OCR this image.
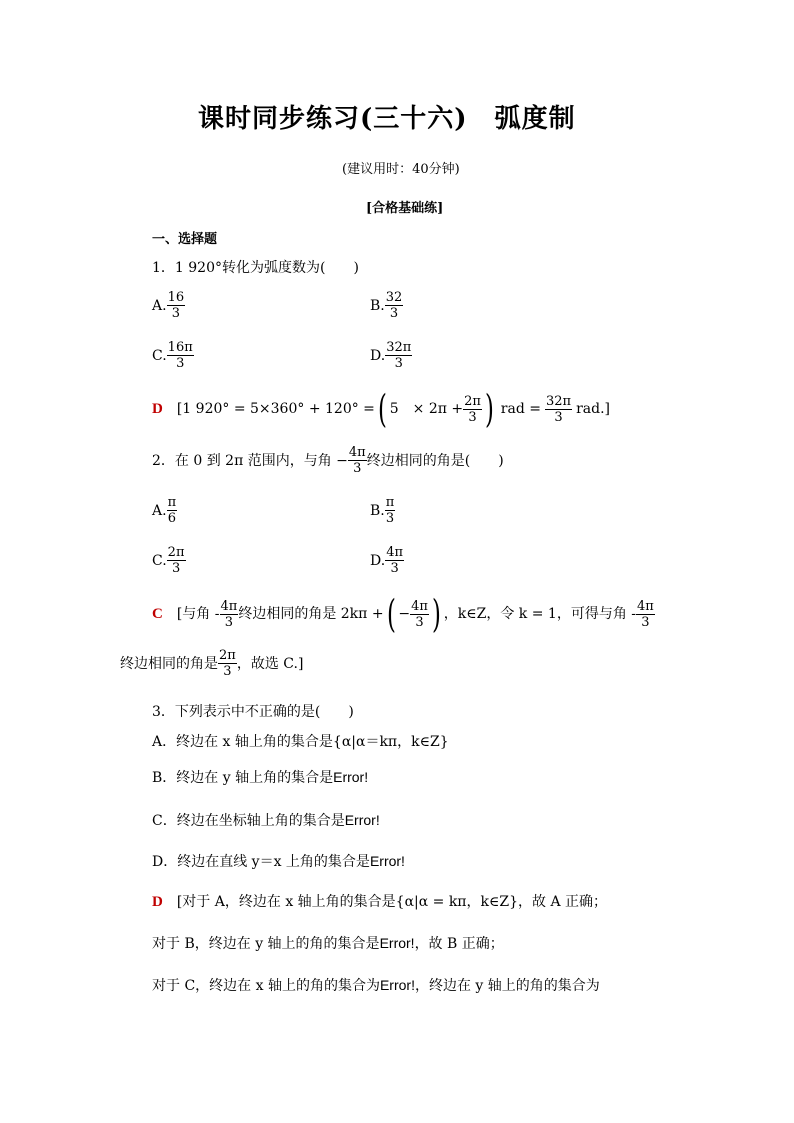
课时同步练习(三十六)　弧度制
(建议用时：40分钟)
[合格基础练]
一、选择题
1．1 920°转化为弧度数为(　　)
A. $\frac{16}{3}$	B. $\frac{32}{3}$
C. $\frac{16\pi}{3}$	D. $\frac{32\pi}{3}$
D [1 920° = 5×360° + 120° = ( 5　× $2\pi + \frac{2\pi}{3}$ ) rad = $\frac{32\pi}{3} rad$.]
2．在 0 到 2π 范围内，与角 − $\frac{4\pi}{3}$ 终边相同的角是(　　)
A. $\frac{\pi}{6}$	B. $\frac{\pi}{3}$
C. $\frac{2\pi}{3}$	D. $\frac{4\pi}{3}$
C [与角 - $\frac{4\pi}{3}$ 终边相同的角是 2kπ + ( − $\frac{4\pi}{3}$ ) ，k∈Z，令 k = 1，可得与角 - $\frac{4\pi}{3}$
终边相同的角是 $\frac{2\pi}{3}$ ，故选 C.]
3．下列表示中不正确的是(　　)
A．终边在 x 轴上角的集合是{α|α＝kπ，k∈Z}
B．终边在 y 轴上角的集合是Error!
C．终边在坐标轴上角的集合是Error!
D．终边在直线 y＝x 上角的集合是Error!
D [对于 A，终边在 x 轴上角的集合是{α|α = kπ，k∈Z}，故 A 正确；
对于 B，终边在 y 轴上的角的集合是Error!，故 B 正确；
对于 C，终边在 x 轴上的角的集合为Error!，终边在 y 轴上的角的集合为
